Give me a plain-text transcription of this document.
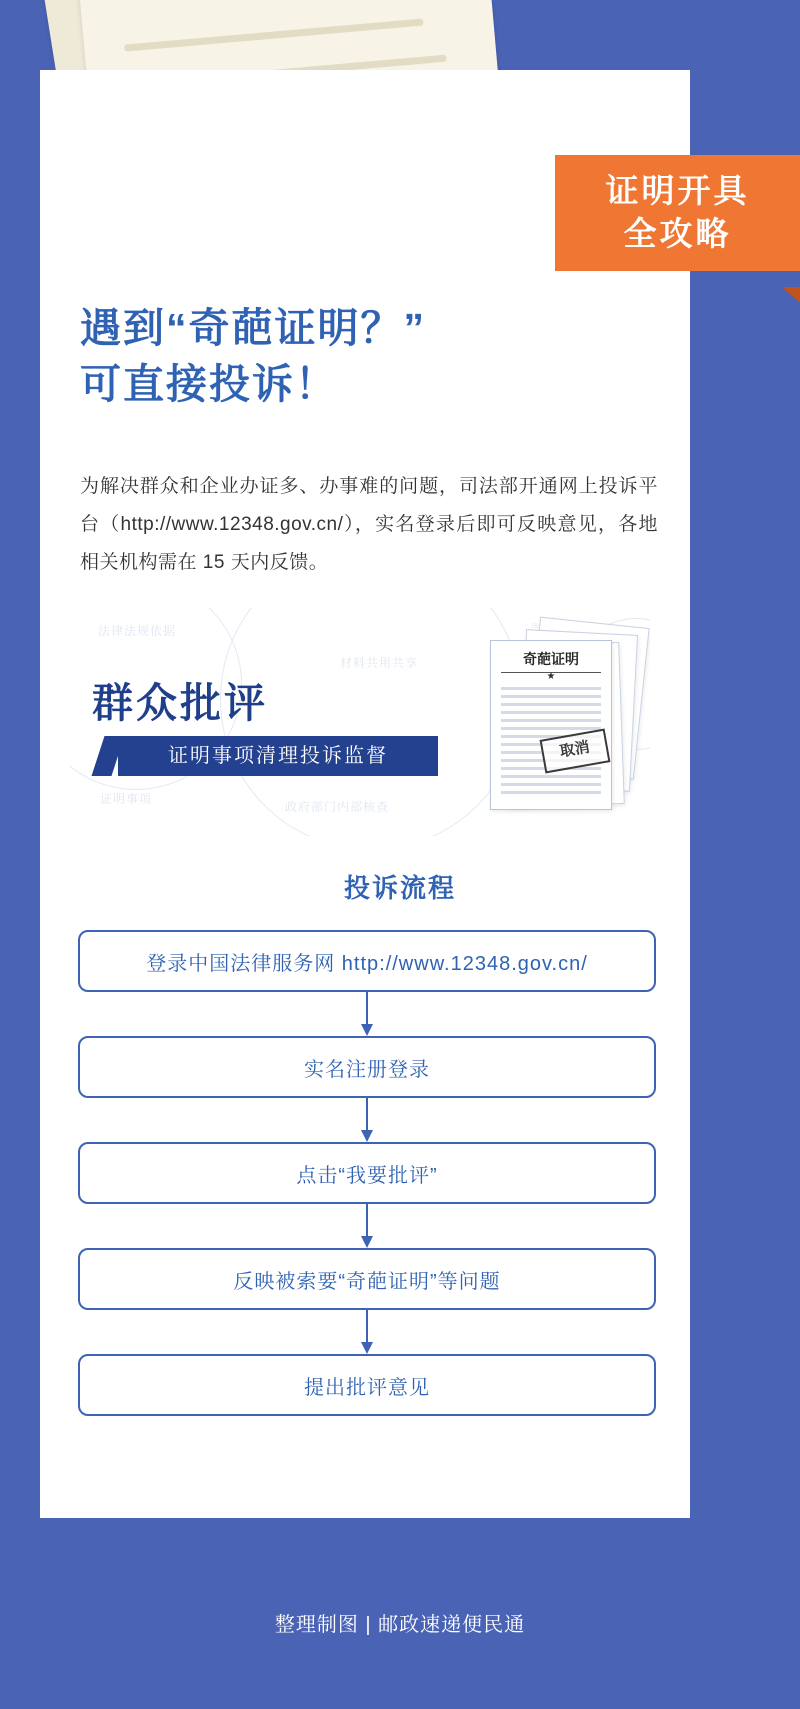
证明开具
全攻略
遇到“奇葩证明？”
可直接投诉！
为解决群众和企业办证多、办事难的问题，司法部开通网上投诉平台（http://www.12348.gov.cn/），实名登录后即可反映意见，各地相关机构需在 15 天内反馈。
法律法规依据
材料共用共享
政府部门内部核查
证明事项
群众批评
证明事项清理投诉监督
奇葩证明
★
取消
投诉流程
登录中国法律服务网 http://www.12348.gov.cn/
实名注册登录
点击“我要批评”
反映被索要“奇葩证明”等问题
提出批评意见
整理制图 | 邮政速递便民通
